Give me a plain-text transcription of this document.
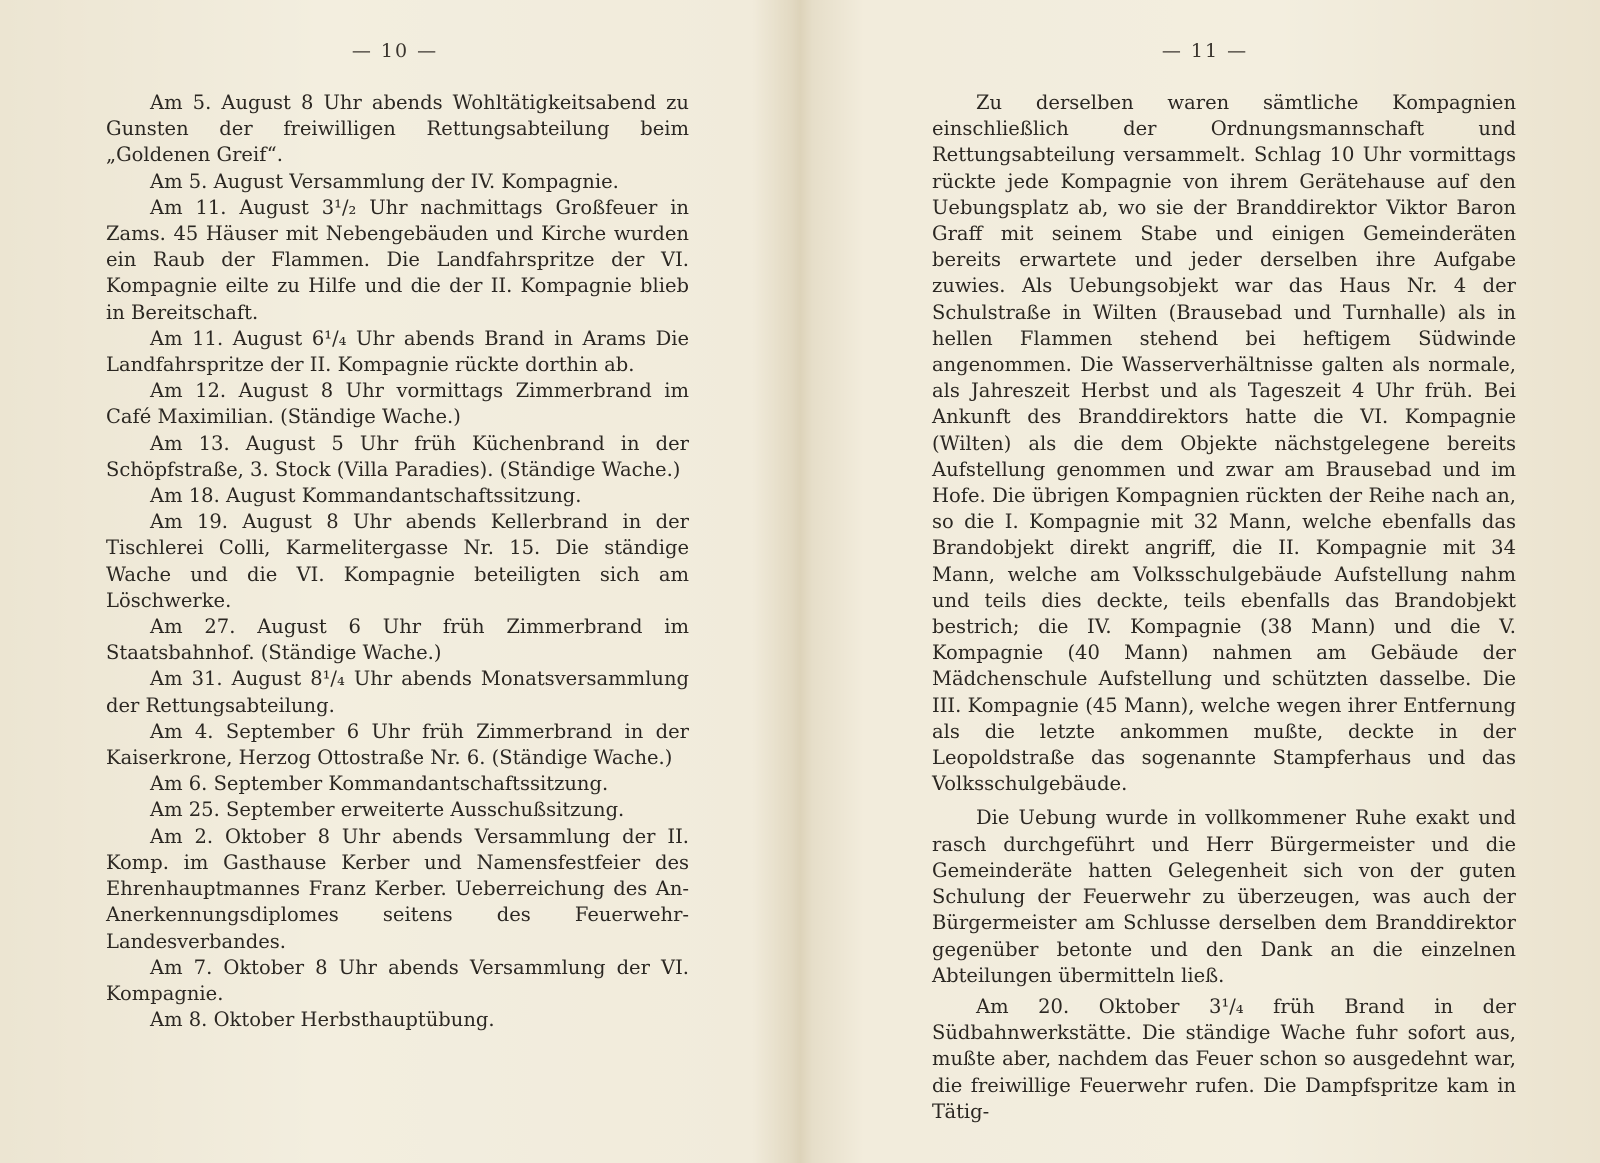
— 10 —

Am 5. August 8 Uhr abends Wohltätigkeitsabend zu Gunsten der freiwilligen Rettungsabteilung beim „Goldenen Greif“.

Am 5. August Versammlung der IV. Kompagnie.

Am 11. August 3¹/₂ Uhr nachmittags Großfeuer in Zams. 45 Häuser mit Nebengebäuden und Kirche wurden ein Raub der Flammen. Die Landfahrspritze der VI. Kompagnie eilte zu Hilfe und die der II. Kompagnie blieb in Bereitschaft.

Am 11. August 6¹/₄ Uhr abends Brand in Arams Die Landfahrspritze der II. Kompagnie rückte dorthin ab.

Am 12. August 8 Uhr vormittags Zimmerbrand im Café Maximilian. (Ständige Wache.)

Am 13. August 5 Uhr früh Küchenbrand in der Schöpfstraße, 3. Stock (Villa Paradies). (Ständige Wache.)

Am 18. August Kommandantschaftssitzung.

Am 19. August 8 Uhr abends Kellerbrand in der Tischlerei Colli, Karmelitergasse Nr. 15. Die ständige Wache und die VI. Kompagnie beteiligten sich am Löschwerke.

Am 27. August 6 Uhr früh Zimmerbrand im Staatsbahnhof. (Ständige Wache.)

Am 31. August 8¹/₄ Uhr abends Monatsversammlung der Rettungsabteilung.

Am 4. September 6 Uhr früh Zimmerbrand in der Kaiserkrone, Herzog Ottostraße Nr. 6. (Ständige Wache.)

Am 6. September Kommandantschaftssitzung.

Am 25. September erweiterte Ausschußsitzung.

Am 2. Oktober 8 Uhr abends Versammlung der II. Komp. im Gasthause Kerber und Namensfestfeier des Ehrenhauptmannes Franz Kerber. Ueberreichung des An-Anerkennungsdiplomes seitens des Feuerwehr-Landesverbandes.

Am 7. Oktober 8 Uhr abends Versammlung der VI. Kompagnie.

Am 8. Oktober Herbsthauptübung.

— 11 —

Zu derselben waren sämtliche Kompagnien einschließlich der Ordnungsmannschaft und Rettungsabteilung versammelt. Schlag 10 Uhr vormittags rückte jede Kompagnie von ihrem Gerätehause auf den Uebungsplatz ab, wo sie der Branddirektor Viktor Baron Graff mit seinem Stabe und einigen Gemeinderäten bereits erwartete und jeder derselben ihre Aufgabe zuwies. Als Uebungsobjekt war das Haus Nr. 4 der Schulstraße in Wilten (Brausebad und Turnhalle) als in hellen Flammen stehend bei heftigem Südwinde angenommen. Die Wasserverhältnisse galten als normale, als Jahreszeit Herbst und als Tageszeit 4 Uhr früh. Bei Ankunft des Branddirektors hatte die VI. Kompagnie (Wilten) als die dem Objekte nächstgelegene bereits Aufstellung genommen und zwar am Brausebad und im Hofe. Die übrigen Kompagnien rückten der Reihe nach an, so die I. Kompagnie mit 32 Mann, welche ebenfalls das Brandobjekt direkt angriff, die II. Kompagnie mit 34 Mann, welche am Volksschulgebäude Aufstellung nahm und teils dies deckte, teils ebenfalls das Brandobjekt bestrich; die IV. Kompagnie (38 Mann) und die V. Kompagnie (40 Mann) nahmen am Gebäude der Mädchenschule Aufstellung und schützten dasselbe. Die III. Kompagnie (45 Mann), welche wegen ihrer Entfernung als die letzte ankommen mußte, deckte in der Leopoldstraße das sogenannte Stampferhaus und das Volksschulgebäude.

Die Uebung wurde in vollkommener Ruhe exakt und rasch durchgeführt und Herr Bürgermeister und die Gemeinderäte hatten Gelegenheit sich von der guten Schulung der Feuerwehr zu überzeugen, was auch der Bürgermeister am Schlusse derselben dem Branddirektor gegenüber betonte und den Dank an die einzelnen Abteilungen übermitteln ließ.

Am 20. Oktober 3¹/₄ früh Brand in der Südbahnwerkstätte. Die ständige Wache fuhr sofort aus, mußte aber, nachdem das Feuer schon so ausgedehnt war, die freiwillige Feuerwehr rufen. Die Dampfspritze kam in Tätig-
